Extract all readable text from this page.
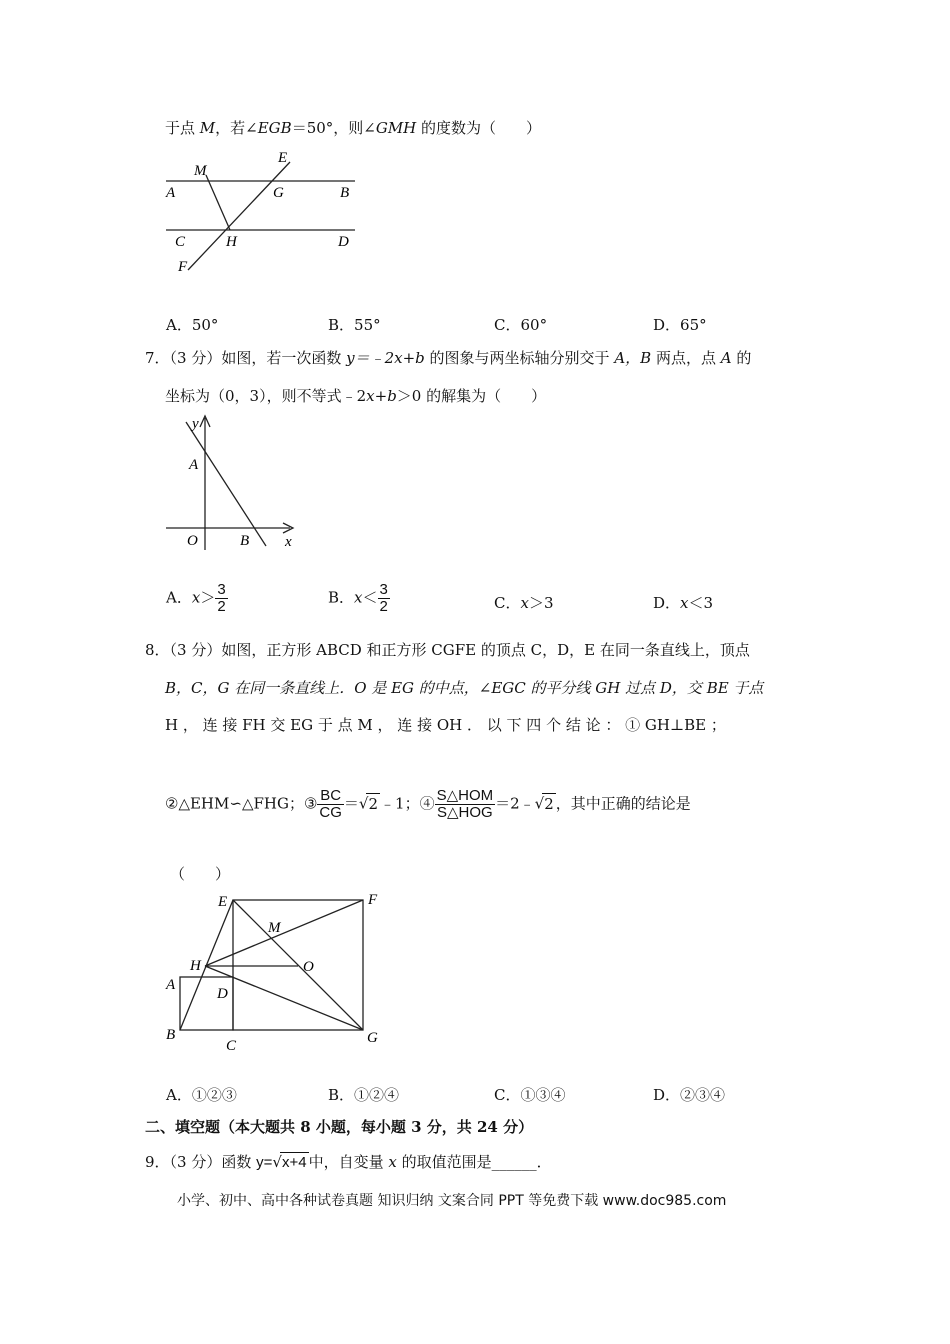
于点 M，若∠EGB＝50°，则∠GMH 的度数为（　　）
M
E
A	G	B
C	H	D
F
A．50°	B．55°	C．60°	D．65°
7．（3 分）如图，若一次函数 y＝﹣2x+b 的图象与两坐标轴分别交于 A，B 两点，点 A 的
坐标为（0，3），则不等式﹣2x+b＞0 的解集为（　　）
y
A
O	B x
A．$x> \frac{3}{2}$	B．$x< \frac{3}{2}$	C．x＞3	D．x＜3
8．（3 分）如图，正方形 ABCD 和正方形 CGFE 的顶点 C，D，E 在同一条直线上，顶点
B，C，G 在同一条直线上．O 是 EG 的中点，∠EGC 的平分线 GH 过点 D，交 BE 于点
H ， 连 接 FH 交 EG 于 点 M ， 连 接 OH ． 以 下 四 个 结 论 ： ① GH⊥BE ；
②△EHM∽△FHG；③ $\frac{BC}{CG} =√2$ ﹣1；④ $\frac{\text{S△HOM}}{\text{S△HOG}}$ ＝2﹣√2 ，其中正确的结论是
（　　）
E	F
M
H	O
A
D
B
C	G
A．①②③	B．①②④	C．①③④	D．②③④
二、填空题（本大题共 8 小题，每小题 3 分，共 24 分）
9．（3 分）函数 y=√x+4 中，自变量 x 的取值范围是______．
小学、初中、高中各种试卷真题 知识归纳 文案合同 PPT 等免费下载 www.doc985.com
